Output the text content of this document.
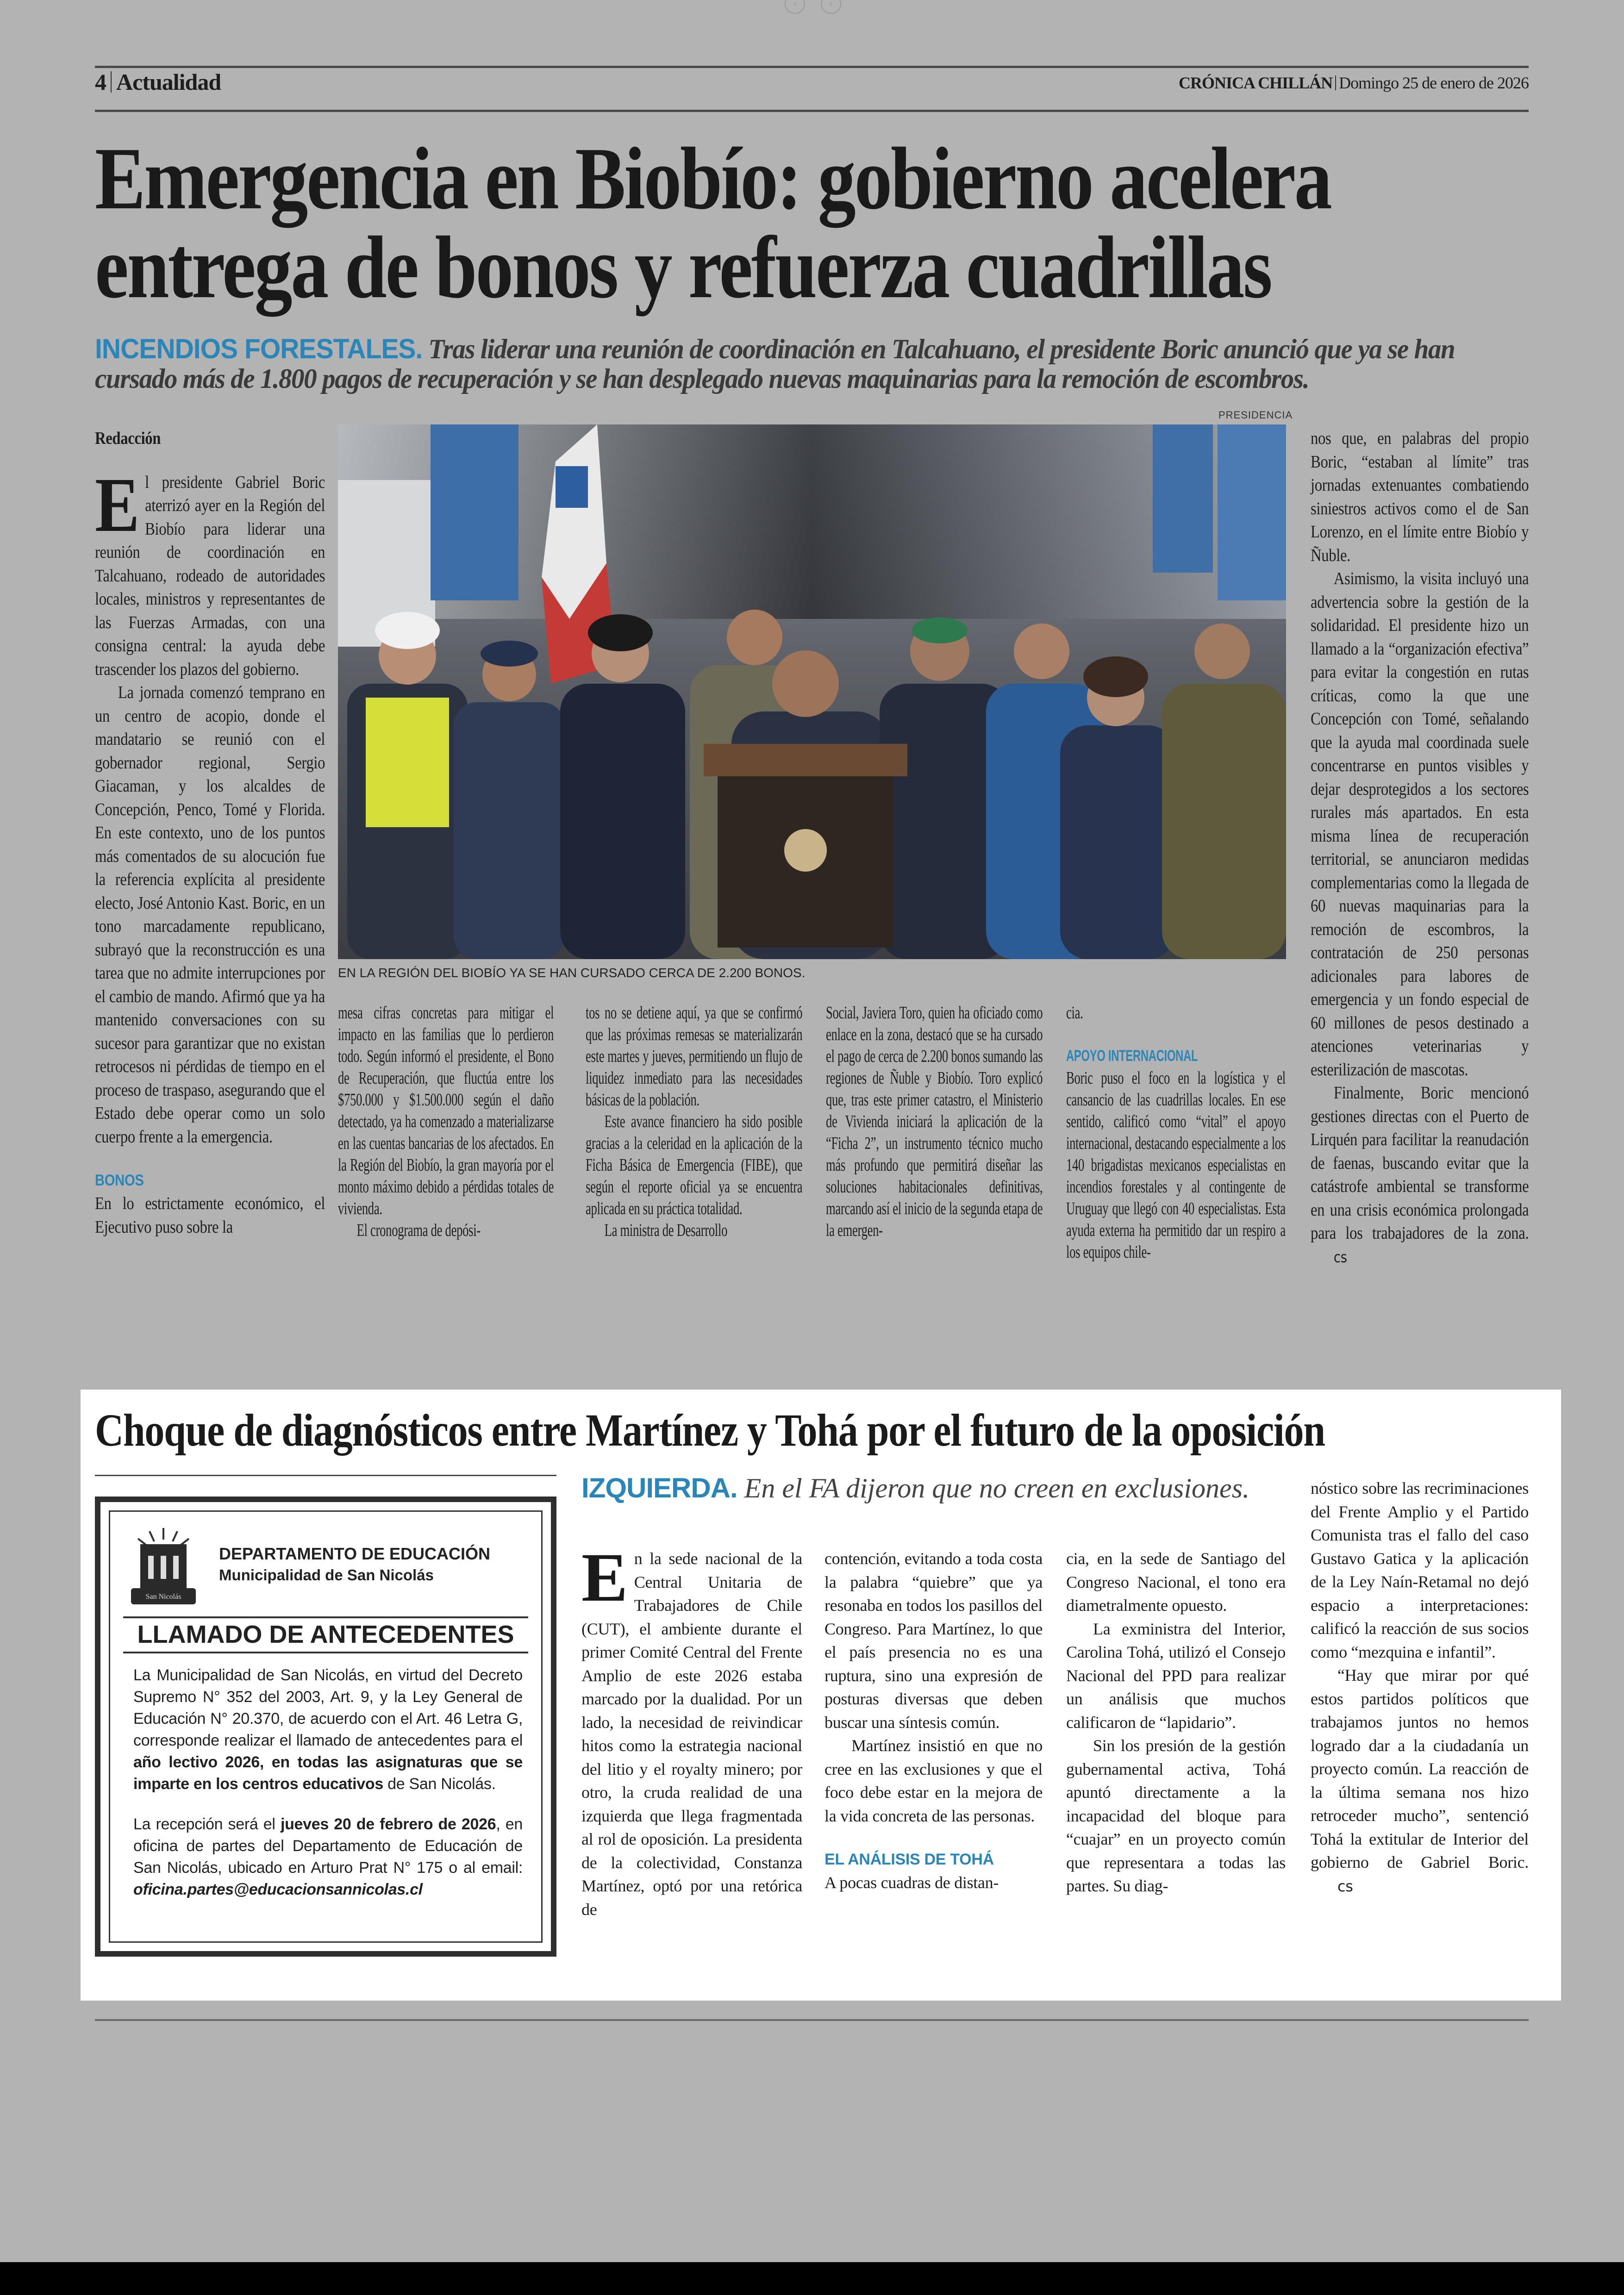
‹	›
4 Actualidad	CRÓNICA CHILLÁN Domingo 25 de enero de 2026
Emergencia en Biobío: gobierno acelera
entrega de bonos y refuerza cuadrillas
INCENDIOS FORESTALES. Tras liderar una reunión de coordinación en Talcahuano, el presidente Boric anunció que ya se han cursado más de 1.800 pagos de recuperación y se han desplegado nuevas maquinarias para la remoción de escombros.
PRESIDENCIA
EN LA REGIÓN DEL BIOBÍO YA SE HAN CURSADO CERCA DE 2.200 BONOS.
Redacción
E l presidente Gabriel Boric aterrizó ayer en la Región del Biobío para liderar una reunión de coordinación en Talcahuano, rodeado de autoridades locales, ministros y representantes de las Fuerzas Armadas, con una consigna central: la ayuda debe trascender los plazos del gobierno.

La jornada comenzó temprano en un centro de acopio, donde el mandatario se reunió con el gobernador regional, Sergio Giacaman, y los alcaldes de Concepción, Penco, Tomé y Florida. En este contexto, uno de los puntos más comentados de su alocución fue la referencia explícita al presidente electo, José Antonio Kast. Boric, en un tono marcadamente republicano, subrayó que la reconstrucción es una tarea que no admite interrupciones por el cambio de mando. Afirmó que ya ha mantenido conversaciones con su sucesor para garantizar que no existan retrocesos ni pérdidas de tiempo en el proceso de traspaso, asegurando que el Estado debe operar como un solo cuerpo frente a la emergencia.

BONOS

En lo estrictamente económico, el Ejecutivo puso sobre la

mesa cifras concretas para mitigar el impacto en las familias que lo perdieron todo. Según informó el presidente, el Bono de Recuperación, que fluctúa entre los $750.000 y $1.500.000 según el daño detectado, ya ha comenzado a materializarse en las cuentas bancarias de los afectados. En la Región del Biobío, la gran mayoría por el monto máximo debido a pérdidas totales de vivienda.

El cronograma de depósi-

tos no se detiene aquí, ya que se confirmó que las próximas remesas se materializarán este martes y jueves, permitiendo un flujo de liquidez inmediato para las necesidades básicas de la población.

Este avance financiero ha sido posible gracias a la celeridad en la aplicación de la Ficha Básica de Emergencia (FIBE), que según el reporte oficial ya se encuentra aplicada en su práctica totalidad.

La ministra de Desarrollo

Social, Javiera Toro, quien ha oficiado como enlace en la zona, destacó que se ha cursado el pago de cerca de 2.200 bonos sumando las regiones de Ñuble y Biobío. Toro explicó que, tras este primer catastro, el Ministerio de Vivienda iniciará la aplicación de la “Ficha 2”, un instrumento técnico mucho más profundo que permitirá diseñar las soluciones habitacionales definitivas, marcando así el inicio de la segunda etapa de la emergen-

cia.

APOYO INTERNACIONAL

Boric puso el foco en la logística y el cansancio de las cuadrillas locales. En ese sentido, calificó como “vital” el apoyo internacional, destacando especialmente a los 140 brigadistas mexicanos especialistas en incendios forestales y al contingente de Uruguay que llegó con 40 especialistas. Esta ayuda externa ha permitido dar un respiro a los equipos chile-

nos que, en palabras del propio Boric, “estaban al límite” tras jornadas extenuantes combatiendo siniestros activos como el de San Lorenzo, en el límite entre Biobío y Ñuble.

Asimismo, la visita incluyó una advertencia sobre la gestión de la solidaridad. El presidente hizo un llamado a la “organización efectiva” para evitar la congestión en rutas críticas, como la que une Concepción con Tomé, señalando que la ayuda mal coordinada suele concentrarse en puntos visibles y dejar desprotegidos a los sectores rurales más apartados. En esta misma línea de recuperación territorial, se anunciaron medidas complementarias como la llegada de 60 nuevas maquinarias para la remoción de escombros, la contratación de 250 personas adicionales para labores de emergencia y un fondo especial de 60 millones de pesos destinado a atenciones veterinarias y esterilización de mascotas.

Finalmente, Boric mencionó gestiones directas con el Puerto de Lirquén para facilitar la reanudación de faenas, buscando evitar que la catástrofe ambiental se transforme en una crisis económica prolongada para los trabajadores de la zona. ᴄꜱ

Choque de diagnósticos entre Martínez y Tohá por el futuro de la oposición
IZQUIERDA. En el FA dijeron que no creen en exclusiones.
San Nicolás
DEPARTAMENTO DE EDUCACIÓN
Municipalidad de San Nicolás
LLAMADO DE ANTECEDENTES

La Municipalidad de San Nicolás, en virtud del Decreto Supremo N° 352 del 2003, Art. 9, y la Ley General de Educación N° 20.370, de acuerdo con el Art. 46 Letra G, corresponde realizar el llamado de antecedentes para el año lectivo 2026, en todas las asignaturas que se imparte en los centros educativos de San Nicolás.

La recepción será el jueves 20 de febrero de 2026, en oficina de partes del Departamento de Educación de San Nicolás, ubicado en Arturo Prat N° 175 o al email: oficina.partes@educacionsannicolas.cl

E n la sede nacional de la Central Unitaria de Trabajadores de Chile (CUT), el ambiente durante el primer Comité Central del Frente Amplio de este 2026 estaba marcado por la dualidad. Por un lado, la necesidad de reivindicar hitos como la estrategia nacional del litio y el royalty minero; por otro, la cruda realidad de una izquierda que llega fragmentada al rol de oposición. La presidenta de la colectividad, Constanza Martínez, optó por una retórica de

contención, evitando a toda costa la palabra “quiebre” que ya resonaba en todos los pasillos del Congreso. Para Martínez, lo que el país presencia no es una ruptura, sino una expresión de posturas diversas que deben buscar una síntesis común.

Martínez insistió en que no cree en las exclusiones y que el foco debe estar en la mejora de la vida concreta de las personas.

EL ANÁLISIS DE TOHÁ

A pocas cuadras de distan-

cia, en la sede de Santiago del Congreso Nacional, el tono era diametralmente opuesto.

La exministra del Interior, Carolina Tohá, utilizó el Consejo Nacional del PPD para realizar un análisis que muchos calificaron de “lapidario”.

Sin los presión de la gestión gubernamental activa, Tohá apuntó directamente a la incapacidad del bloque para “cuajar” en un proyecto común que representara a todas las partes. Su diag-

nóstico sobre las recriminaciones del Frente Amplio y el Partido Comunista tras el fallo del caso Gustavo Gatica y la aplicación de la Ley Naín-Retamal no dejó espacio a interpretaciones: calificó la reacción de sus socios como “mezquina e infantil”.

“Hay que mirar por qué estos partidos políticos que trabajamos juntos no hemos logrado dar a la ciudadanía un proyecto común. La reacción de la última semana nos hizo retroceder mucho”, sentenció Tohá la extitular de Interior del gobierno de Gabriel Boric. ᴄꜱ
